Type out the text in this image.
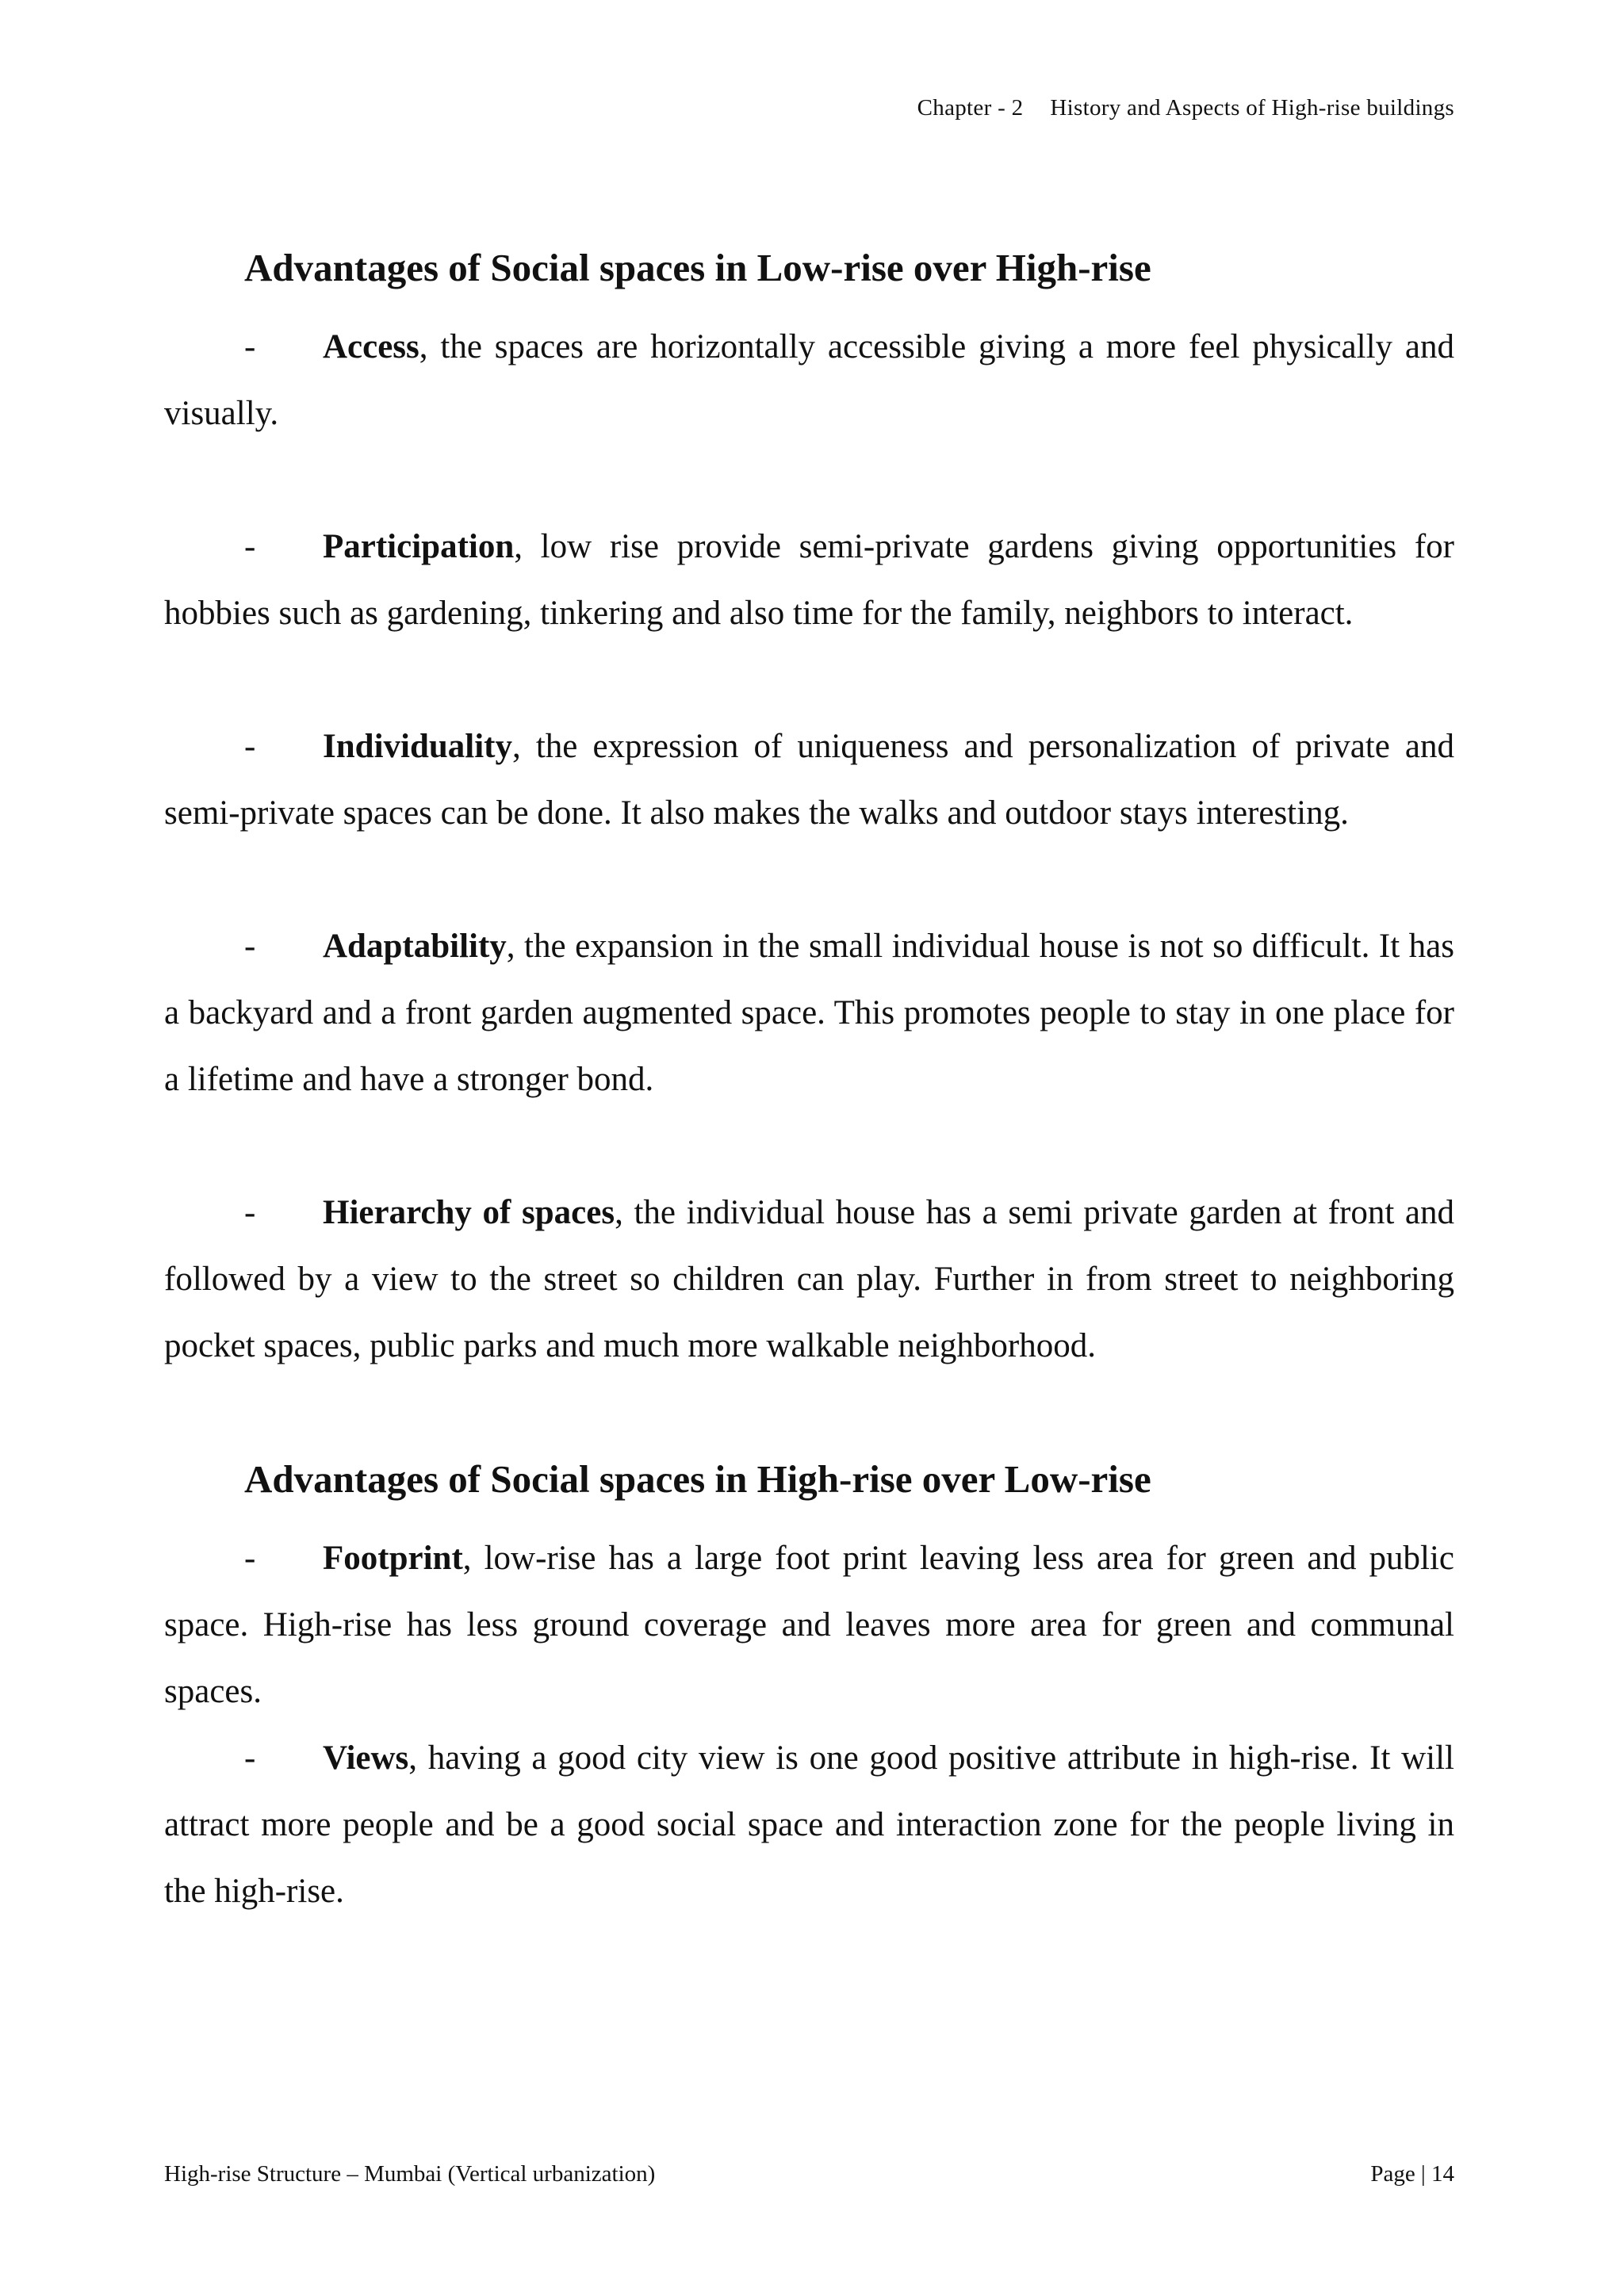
Chapter - 2 History and Aspects of High-rise buildings
Advantages of Social spaces in Low-rise over High-rise

- Access, the spaces are horizontally accessible giving a more feel physically and visually.

- Participation, low rise provide semi-private gardens giving opportunities for hobbies such as gardening, tinkering and also time for the family, neighbors to interact.

- Individuality, the expression of uniqueness and personalization of private and semi-private spaces can be done. It also makes the walks and outdoor stays interesting.

- Adaptability, the expansion in the small individual house is not so difficult. It has a backyard and a front garden augmented space. This promotes people to stay in one place for a lifetime and have a stronger bond.

- Hierarchy of spaces, the individual house has a semi private garden at front and followed by a view to the street so children can play. Further in from street to neighboring pocket spaces, public parks and much more walkable neighborhood.

Advantages of Social spaces in High-rise over Low-rise

- Footprint, low-rise has a large foot print leaving less area for green and public space. High-rise has less ground coverage and leaves more area for green and communal spaces.

- Views, having a good city view is one good positive attribute in high-rise. It will attract more people and be a good social space and interaction zone for the people living in the high-rise.

High-rise Structure – Mumbai (Vertical urbanization)	Page | 14
